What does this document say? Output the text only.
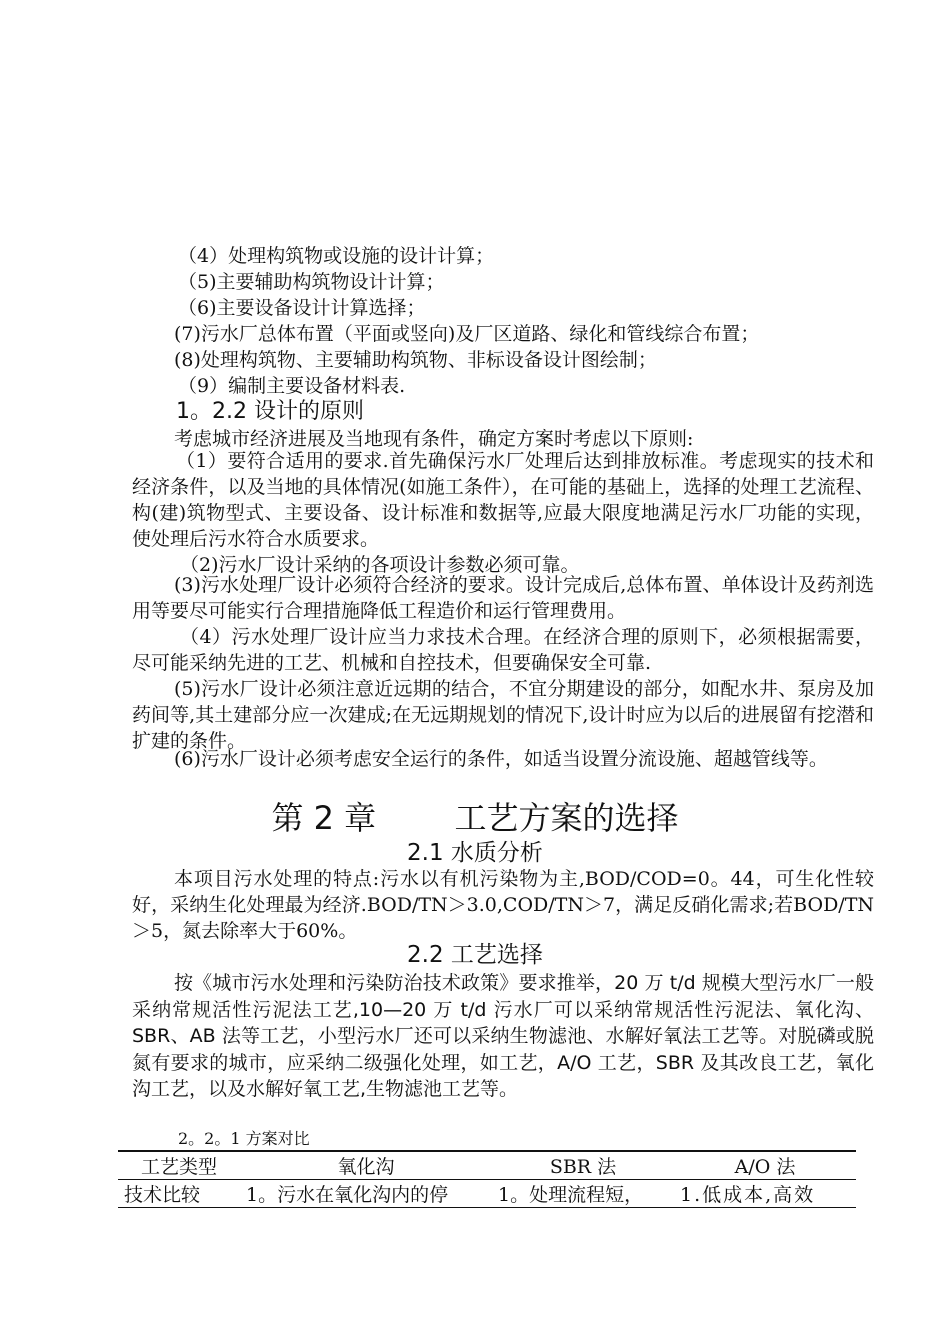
（4）处理构筑物或设施的设计计算；
（5)主要辅助构筑物设计计算；
（6)主要设备设计计算选择；
(7)污水厂总体布置（平面或竖向)及厂区道路、绿化和管线综合布置；
(8)处理构筑物、主要辅助构筑物、非标设备设计图绘制；
（9）编制主要设备材料表.
1。2.2 设计的原则
考虑城市经济进展及当地现有条件，确定方案时考虑以下原则:
（1）要符合适用的要求.首先确保污水厂处理后达到排放标准。考虑现实的技术和经济条件，以及当地的具体情况(如施工条件），在可能的基础上，选择的处理工艺流程、构(建)筑物型式、主要设备、设计标准和数据等,应最大限度地满足污水厂功能的实现，使处理后污水符合水质要求。
（2)污水厂设计采纳的各项设计参数必须可靠。
(3)污水处理厂设计必须符合经济的要求。设计完成后,总体布置、单体设计及药剂选用等要尽可能实行合理措施降低工程造价和运行管理费用。
（4）污水处理厂设计应当力求技术合理。在经济合理的原则下，必须根据需要，尽可能采纳先进的工艺、机械和自控技术，但要确保安全可靠.
(5)污水厂设计必须注意近远期的结合，不宜分期建设的部分，如配水井、泵房及加药间等,其土建部分应一次建成;在无远期规划的情况下,设计时应为以后的进展留有挖潜和扩建的条件。
(6)污水厂设计必须考虑安全运行的条件，如适当设置分流设施、超越管线等。
第 2 章 工艺方案的选择
2.1 水质分析
本项目污水处理的特点:污水以有机污染物为主,BOD/COD=0。44，可生化性较好，采纳生化处理最为经济.BOD/TN＞3.0,COD/TN＞7，满足反硝化需求;若BOD/TN＞5，氮去除率大于60%。
2.2 工艺选择
按《城市污水处理和污染防治技术政策》要求推举，20 万 t/d 规模大型污水厂一般采纳常规活性污泥法工艺,10—20 万 t/d 污水厂可以采纳常规活性污泥法、氧化沟、SBR、AB 法等工艺，小型污水厂还可以采纳生物滤池、水解好氧法工艺等。对脱磷或脱氮有要求的城市，应采纳二级强化处理，如工艺，A/O 工艺，SBR 及其改良工艺，氧化沟工艺，以及水解好氧工艺,生物滤池工艺等。
2。2。1 方案对比
工艺类型	氧化沟	SBR 法	A/O 法
技术比较	1。污水在氧化沟内的停	1。处理流程短，	1.低成本,高效
